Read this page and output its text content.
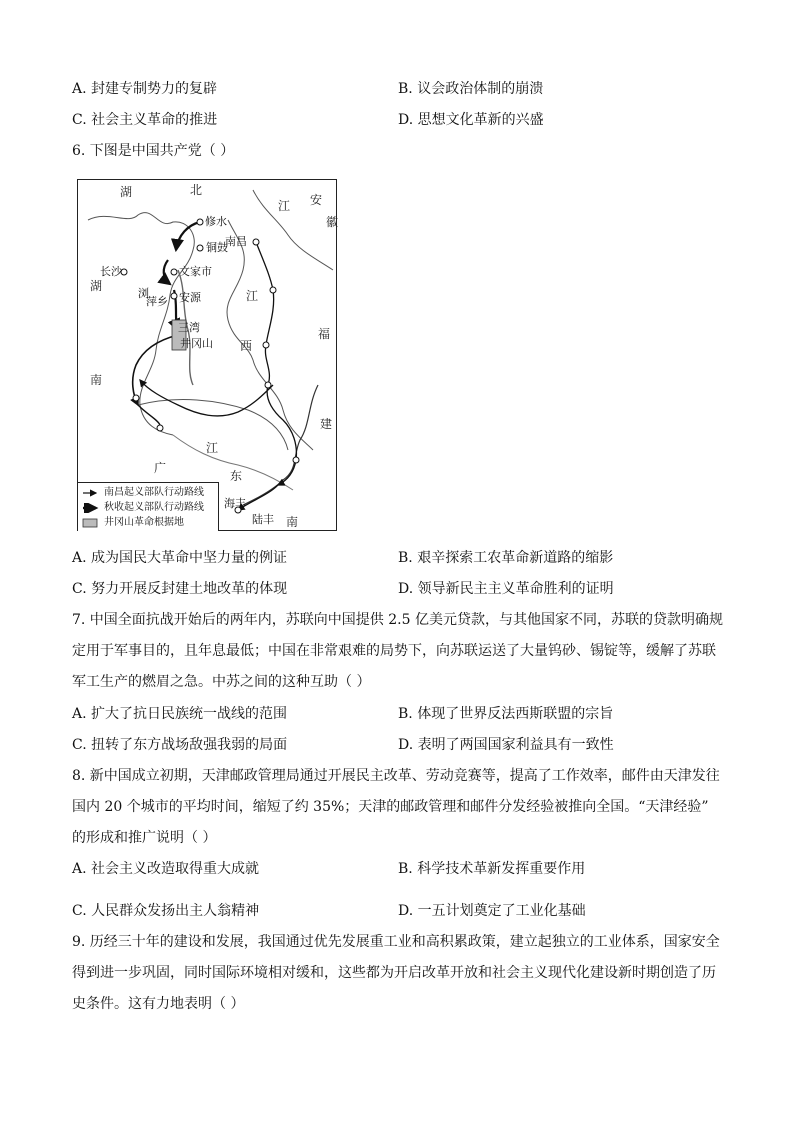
A. 封建专制势力的复辟	B. 议会政治体制的崩溃
C. 社会主义革命的推进	D. 思想文化革新的兴盛
6. 下图是中国共产党（ ）
湖	北
江 安
徽
湖
南
江
西
福
建
广
东
江
南
修水
铜鼓
南昌
长沙	文家市
浏
萍乡 安源
三湾
井冈山
海丰
陆丰
南昌起义部队行动路线
秋收起义部队行动路线
井冈山革命根据地
A. 成为国民大革命中坚力量的例证	B. 艰辛探索工农革命新道路的缩影
C. 努力开展反封建土地改革的体现	D. 领导新民主主义革命胜利的证明
7. 中国全面抗战开始后的两年内，苏联向中国提供 2.5 亿美元贷款，与其他国家不同，苏联的贷款明确规
定用于军事目的，且年息最低；中国在非常艰难的局势下，向苏联运送了大量钨砂、锡锭等，缓解了苏联
军工生产的燃眉之急。中苏之间的这种互助（ ）
A. 扩大了抗日民族统一战线的范围	B. 体现了世界反法西斯联盟的宗旨
C. 扭转了东方战场敌强我弱的局面	D. 表明了两国国家利益具有一致性
8. 新中国成立初期，天津邮政管理局通过开展民主改革、劳动竞赛等，提高了工作效率，邮件由天津发往
国内 20 个城市的平均时间，缩短了约 35%；天津的邮政管理和邮件分发经验被推向全国。“天津经验”
的形成和推广说明（ ）
A. 社会主义改造取得重大成就	B. 科学技术革新发挥重要作用
C. 人民群众发扬出主人翁精神	D. 一五计划奠定了工业化基础
9. 历经三十年的建设和发展，我国通过优先发展重工业和高积累政策，建立起独立的工业体系，国家安全
得到进一步巩固，同时国际环境相对缓和，这些都为开启改革开放和社会主义现代化建设新时期创造了历
史条件。这有力地表明（ ）
